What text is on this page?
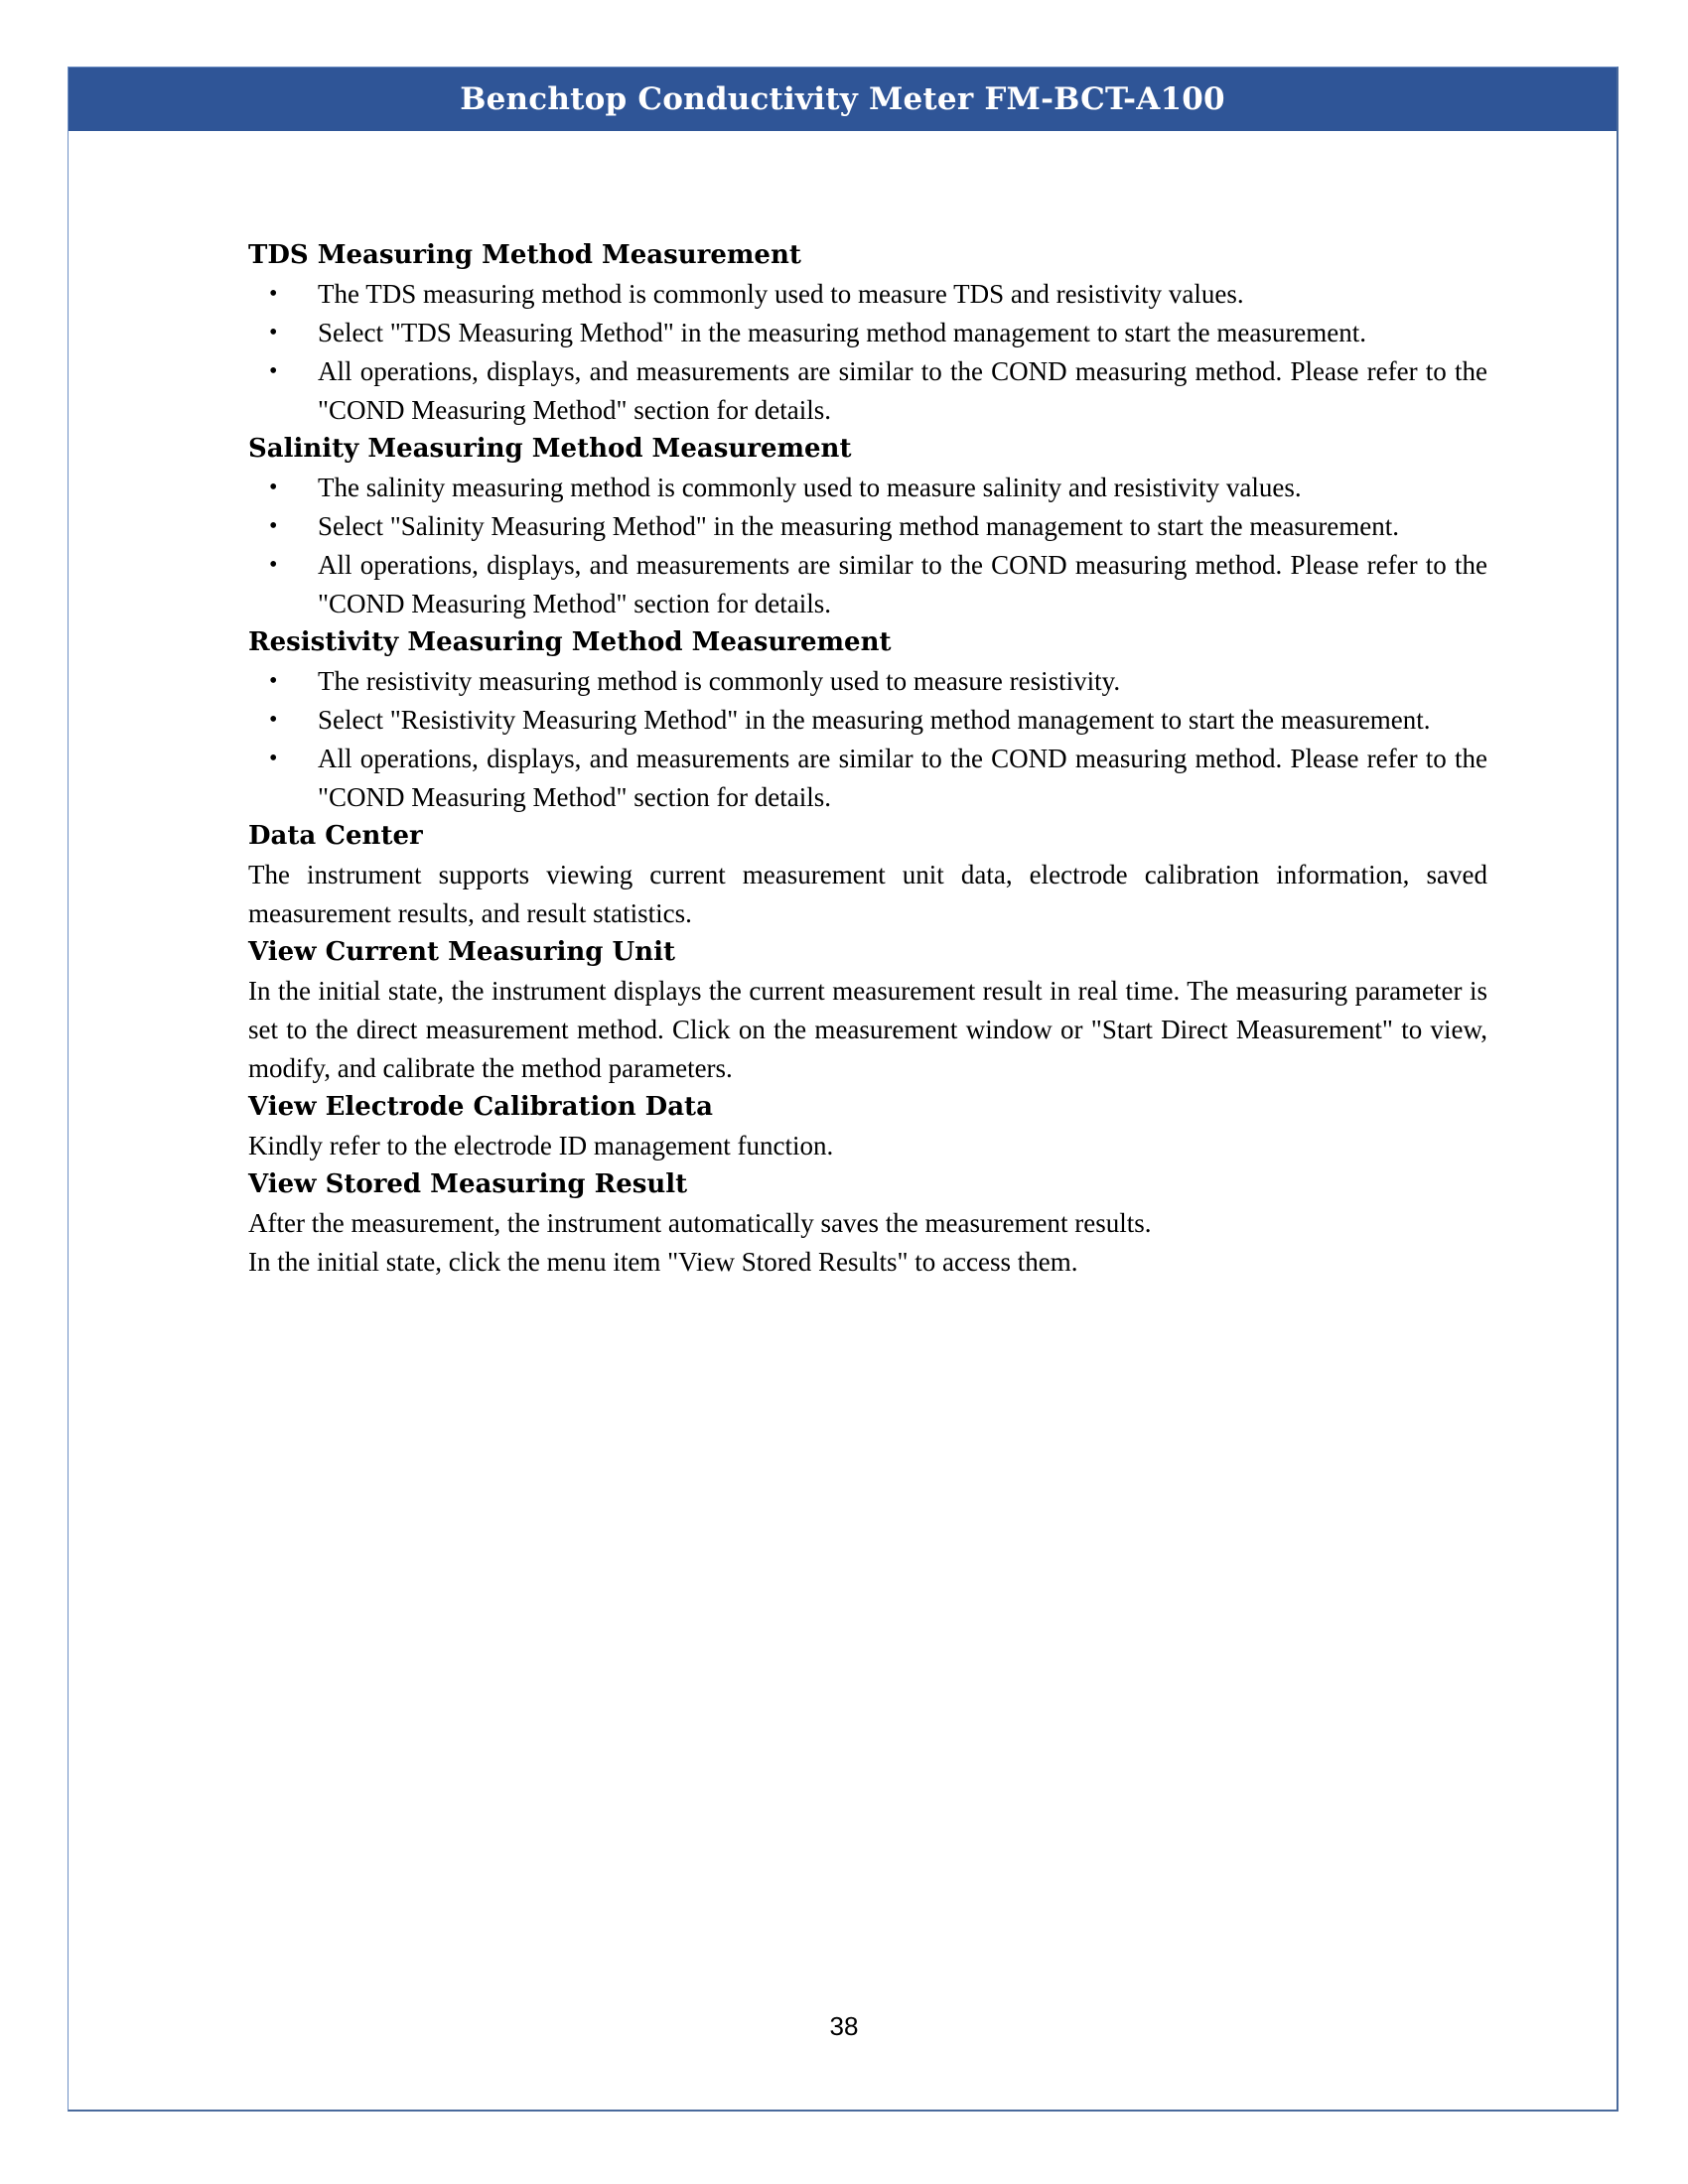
Benchtop Conductivity Meter FM-BCT-A100

TDS Measuring Method Measurement

• The TDS measuring method is commonly used to measure TDS and resistivity values.
• Select "TDS Measuring Method" in the measuring method management to start the measurement.
• All operations, displays, and measurements are similar to the COND measuring method. Please refer to the "COND Measuring Method" section for details.

Salinity Measuring Method Measurement

• The salinity measuring method is commonly used to measure salinity and resistivity values.
• Select "Salinity Measuring Method" in the measuring method management to start the measurement.
• All operations, displays, and measurements are similar to the COND measuring method. Please refer to the "COND Measuring Method" section for details.

Resistivity Measuring Method Measurement

• The resistivity measuring method is commonly used to measure resistivity.
• Select "Resistivity Measuring Method" in the measuring method management to start the measurement.
• All operations, displays, and measurements are similar to the COND measuring method. Please refer to the "COND Measuring Method" section for details.

Data Center

The instrument supports viewing current measurement unit data, electrode calibration information, saved measurement results, and result statistics.

View Current Measuring Unit

In the initial state, the instrument displays the current measurement result in real time. The measuring parameter is set to the direct measurement method. Click on the measurement window or "Start Direct Measurement" to view, modify, and calibrate the method parameters.

View Electrode Calibration Data

Kindly refer to the electrode ID management function.

View Stored Measuring Result

After the measurement, the instrument automatically saves the measurement results.

In the initial state, click the menu item "View Stored Results" to access them.

38
